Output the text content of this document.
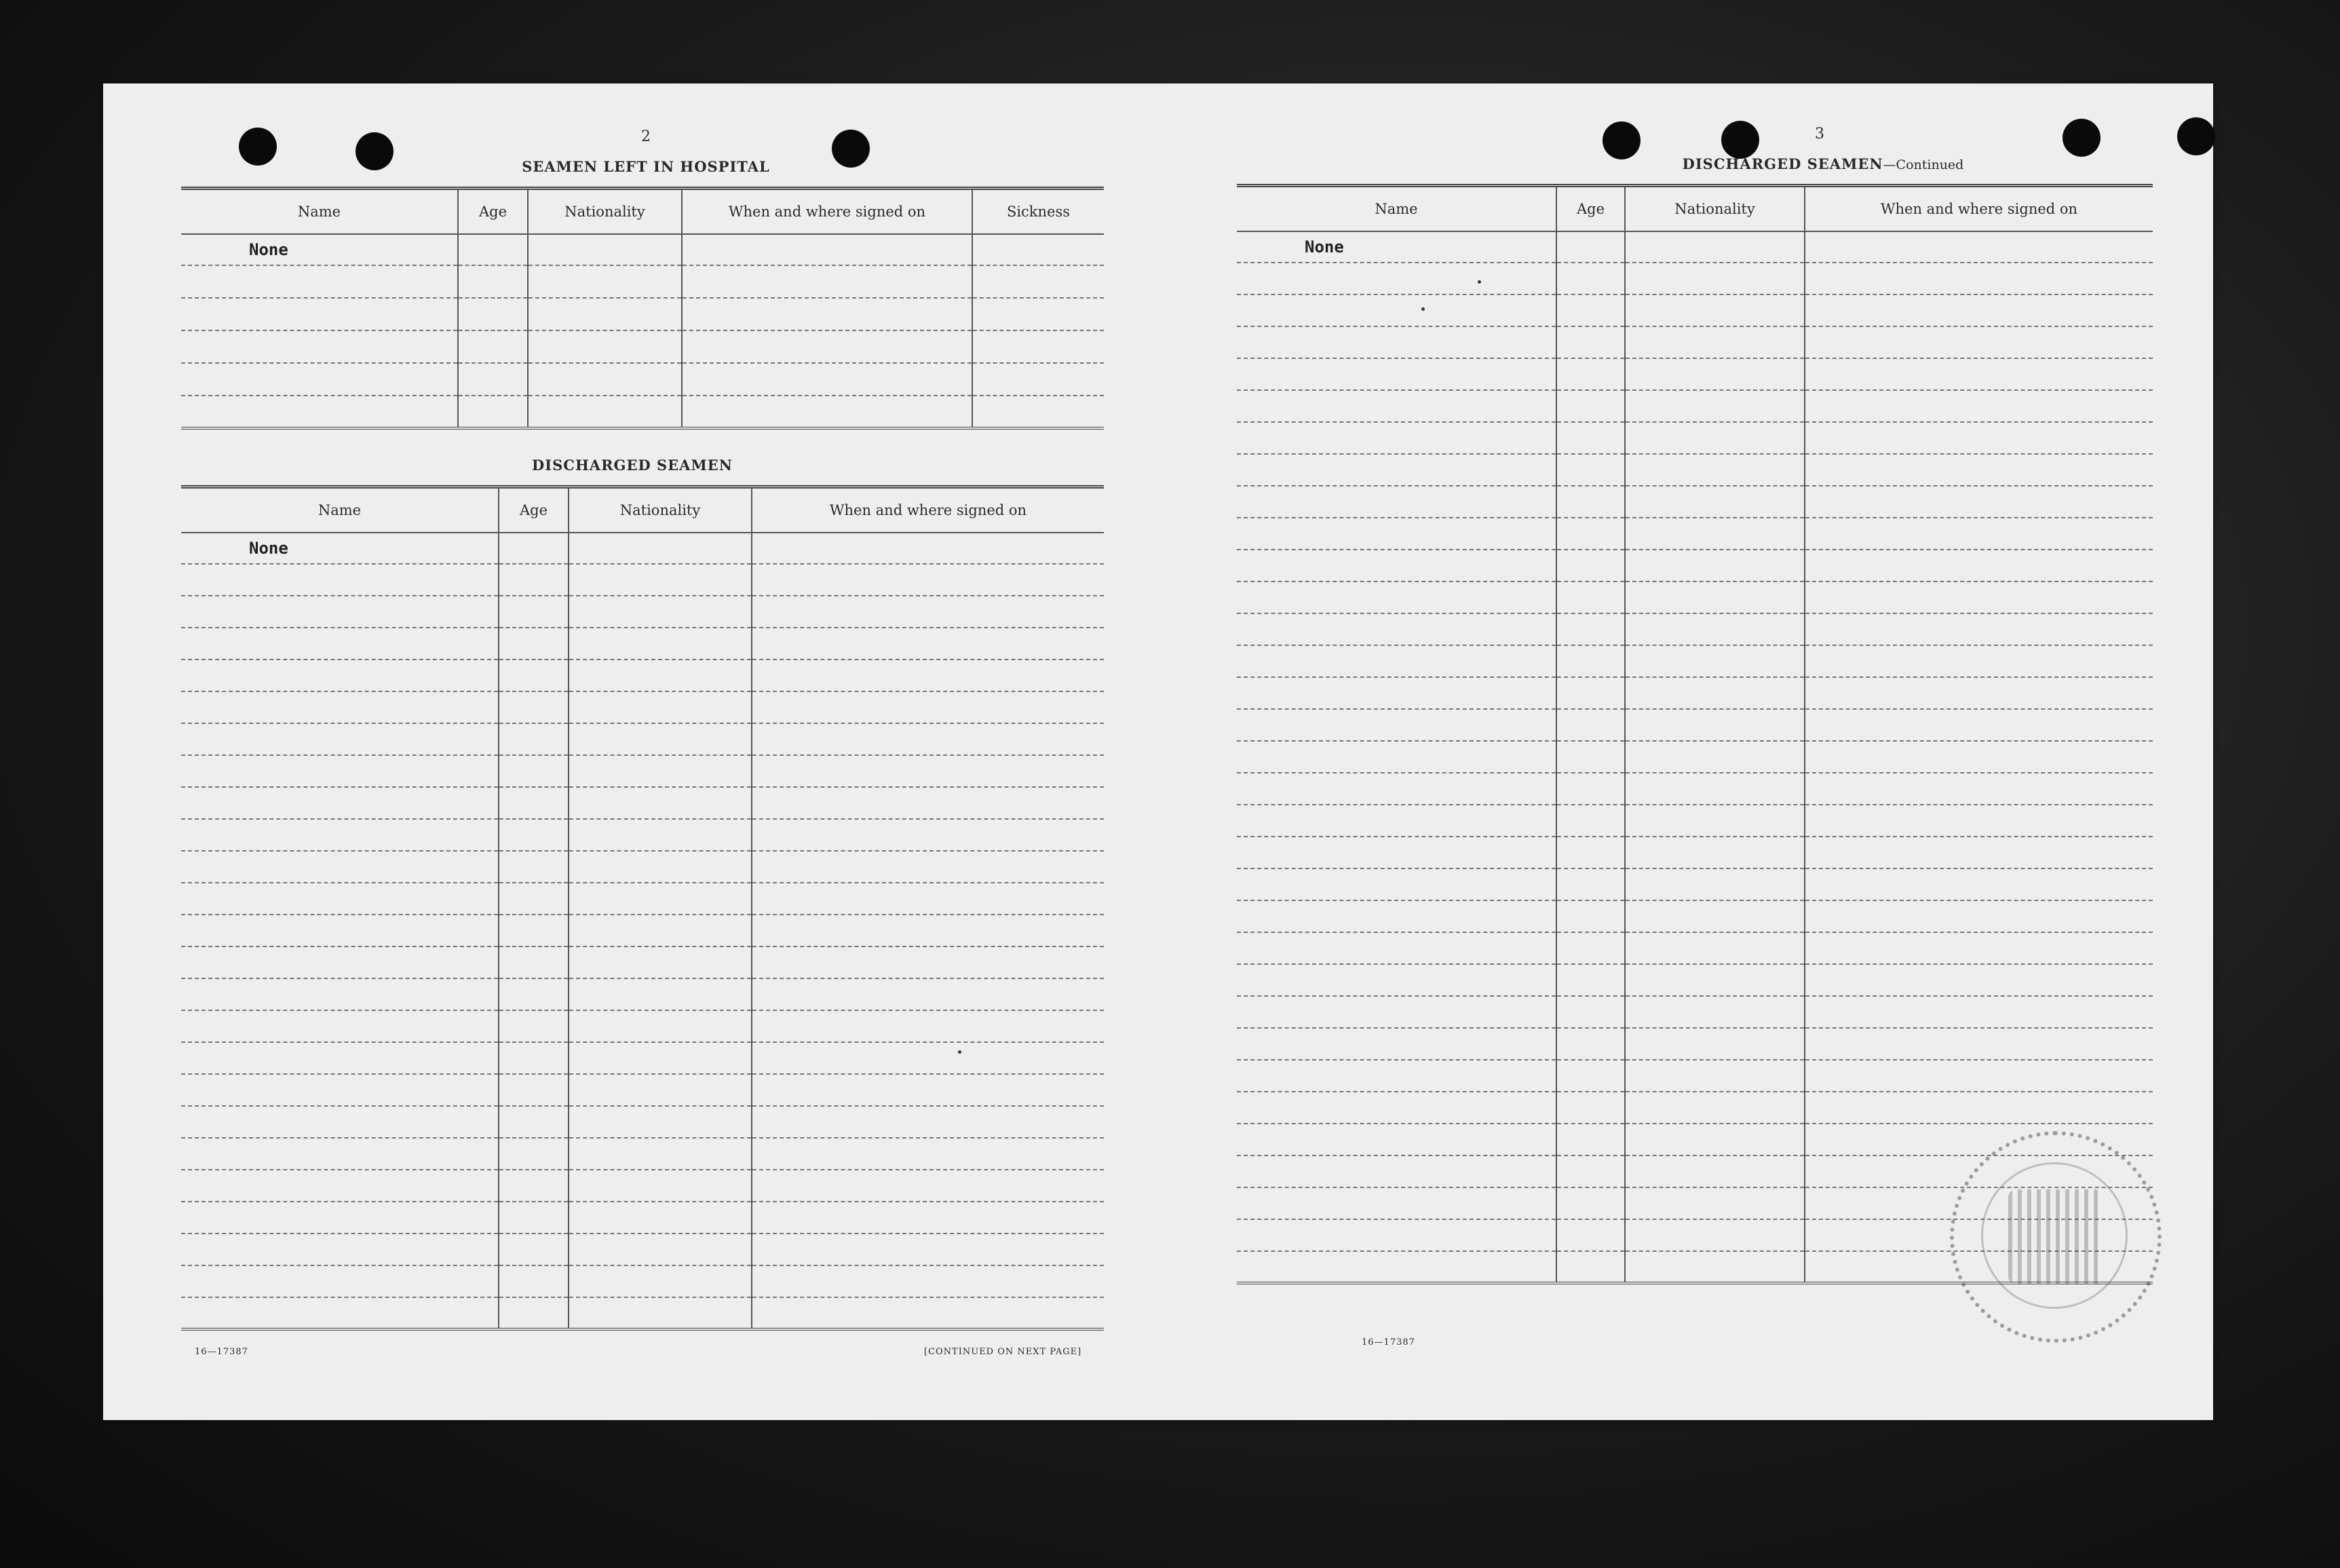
2
SEAMEN LEFT IN HOSPITAL
Name	Age	Nationality	When and where signed on	Sickness
None				

DISCHARGED SEAMEN
Name	Age	Nationality	When and where signed on
None			

16—17387	[CONTINUED ON NEXT PAGE]
3
DISCHARGED SEAMEN—Continued
Name	Age	Nationality	When and where signed on
None			

16—17387
